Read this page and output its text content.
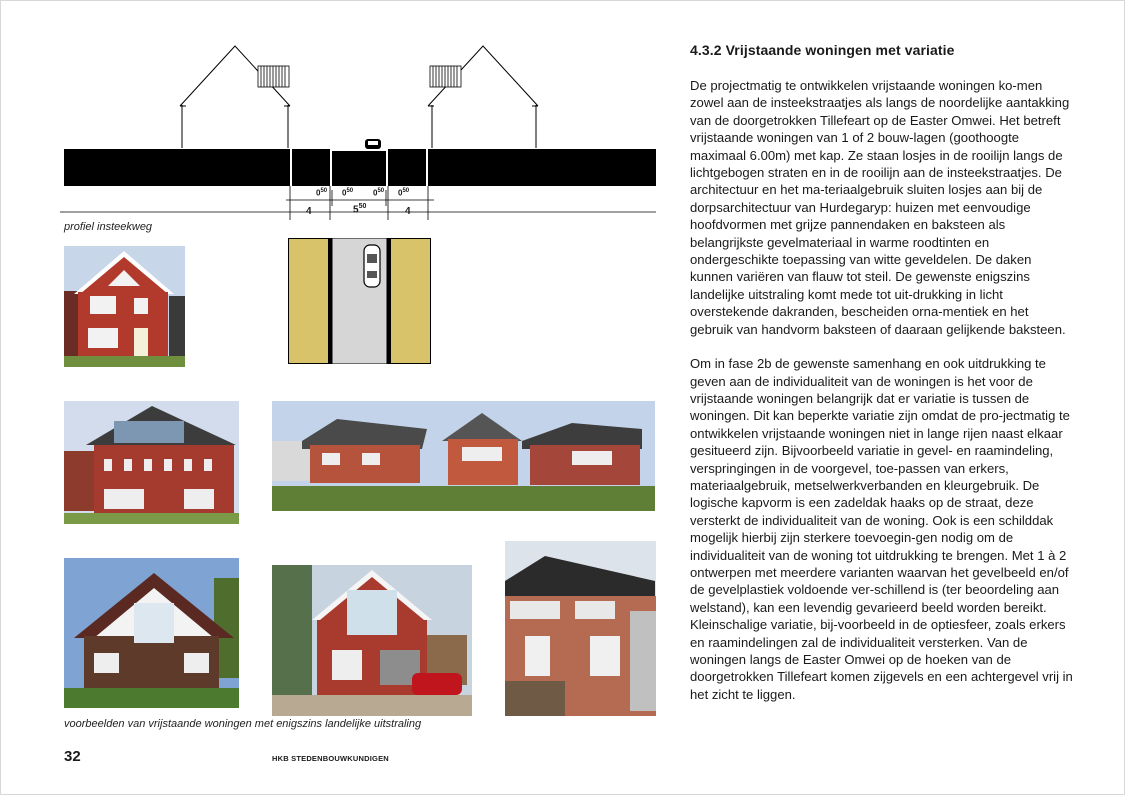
$0^{50}$ $0^{50}$ $0^{50}$ $0^{50}$
4	$5^{50}$	4
profiel insteekweg
voorbeelden van vrijstaande woningen met enigszins landelijke uitstraling
4.3.2 Vrijstaande woningen met variatie

De projectmatig te ontwikkelen vrijstaande woningen ko-men zowel aan de insteekstraatjes als langs de noordelijke aantakking van de doorgetrokken Tillefeart op de Easter Omwei. Het betreft vrijstaande woningen van 1 of 2 bouw-lagen (goothoogte maximaal 6.00m) met kap. Ze staan losjes in de rooilijn langs de lichtgebogen straten en in de rooilijn aan de insteekstraatjes. De architectuur en het ma-teriaalgebruik sluiten losjes aan bij de dorpsarchitectuur van Hurdegaryp: huizen met eenvoudige hoofdvormen met grijze pannendaken en baksteen als belangrijkste gevelmateriaal in warme roodtinten en ondergeschikte toepassing van witte geveldelen. De daken kunnen variëren van flauw tot steil. De gewenste enigszins landelijke uitstraling komt mede tot uit-drukking in licht overstekende dakranden, bescheiden orna-mentiek en het gebruik van handvorm baksteen of daaraan gelijkende baksteen.

Om in fase 2b de gewenste samenhang en ook uitdrukking te geven aan de individualiteit van de woningen is het voor de vrijstaande woningen belangrijk dat er variatie is tussen de woningen. Dit kan beperkte variatie zijn omdat de pro-jectmatig te ontwikkelen vrijstaande woningen niet in lange rijen naast elkaar gesitueerd zijn. Bijvoorbeeld variatie in gevel- en raamindeling, verspringingen in de voorgevel, toe-passen van erkers, materiaalgebruik, metselwerkverbanden en kleurgebruik. De logische kapvorm is een zadeldak haaks op de straat, deze versterkt de individualiteit van de woning. Ook is een schilddak mogelijk hierbij zijn sterkere toevoegin-gen nodig om de individualiteit van de woning tot uitdrukking te brengen. Met 1 à 2 ontwerpen met meerdere varianten waarvan het gevelbeeld en/of de gevelplastiek voldoende ver-schillend is (ter beoordeling aan welstand), kan een levendig gevarieerd beeld worden bereikt. Kleinschalige variatie, bij-voorbeeld in de optiesfeer, zoals erkers en raamindelingen zal de individualiteit versterken. Van de woningen langs de Easter Omwei op de hoeken van de doorgetrokken Tillefeart komen zijgevels en een achtergevel vrij in het zicht te liggen.

32	HKB STEDENBOUWKUNDIGEN
